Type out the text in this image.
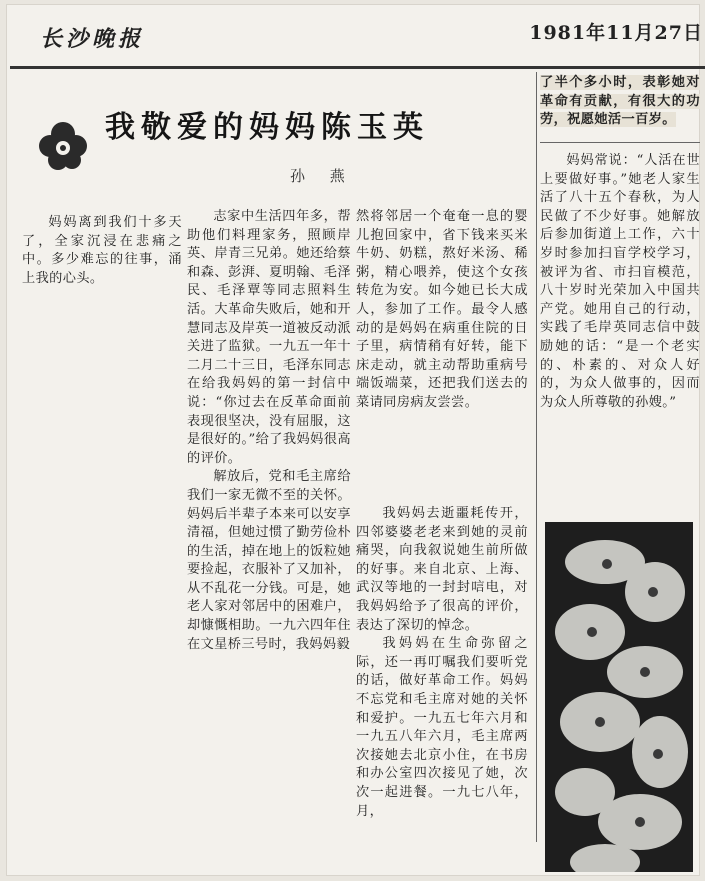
长沙晚报	1981年11月27日
我敬爱的妈妈陈玉英
孙 燕

妈妈离到我们十多天了，全家沉浸在悲痛之中。多少难忘的往事，涌上我的心头。

志家中生活四年多，帮助他们料理家务，照顾岸英、岸青三兄弟。她还给蔡和森、彭湃、夏明翰、毛泽民、毛泽覃等同志照料生活。大革命失败后，她和开慧同志及岸英一道被反动派关进了监狱。一九五一年十二月二十三日，毛泽东同志在给我妈妈的第一封信中说：“你过去在反革命面前表现很坚决，没有屈服，这是很好的。”给了我妈妈很高的评价。

解放后，党和毛主席给我们一家无微不至的关怀。妈妈后半辈子本来可以安享清福，但她过惯了勤劳俭朴的生活，掉在地上的饭粒她要捡起，衣服补了又加补，从不乱花一分钱。可是，她老人家对邻居中的困难户，却慷慨相助。一九六四年住在文星桥三号时，我妈妈毅

然将邻居一个奄奄一息的婴儿抱回家中，省下钱来买米牛奶、奶糕，熬好米汤、稀粥，精心喂养，使这个女孩转危为安。如今她已长大成人，参加了工作。最令人感动的是妈妈在病重住院的日子里，病情稍有好转，能下床走动，就主动帮助重病号端饭端菜，还把我们送去的菜请同房病友尝尝。

我妈妈去逝噩耗传开，四邻婆婆老老来到她的灵前痛哭，向我叙说她生前所做的好事。来自北京、上海、武汉等地的一封封唁电，对我妈妈给予了很高的评价，表达了深切的悼念。

我妈妈在生命弥留之际，还一再叮嘱我们要听党的话，做好革命工作。妈妈不忘党和毛主席对她的关怀和爱护。一九五七年六月和一九五八年六月，毛主席两次接她去北京小住，在书房和办公室四次接见了她，次次一起进餐。一九七八年，月，

了半个多小时，表彰她对革命有贡献，有很大的功劳，祝愿她活一百岁。

妈妈常说：“人活在世上要做好事。”她老人家生活了八十五个春秋，为人民做了不少好事。她解放后参加街道上工作，六十岁时参加扫盲学校学习，被评为省、市扫盲模范，八十岁时光荣加入中国共产党。她用自己的行动，实践了毛岸英同志信中鼓励她的话：“是一个老实的、朴素的、对众人好的，为众人做事的，因而为众人所尊敬的孙嫂。”
